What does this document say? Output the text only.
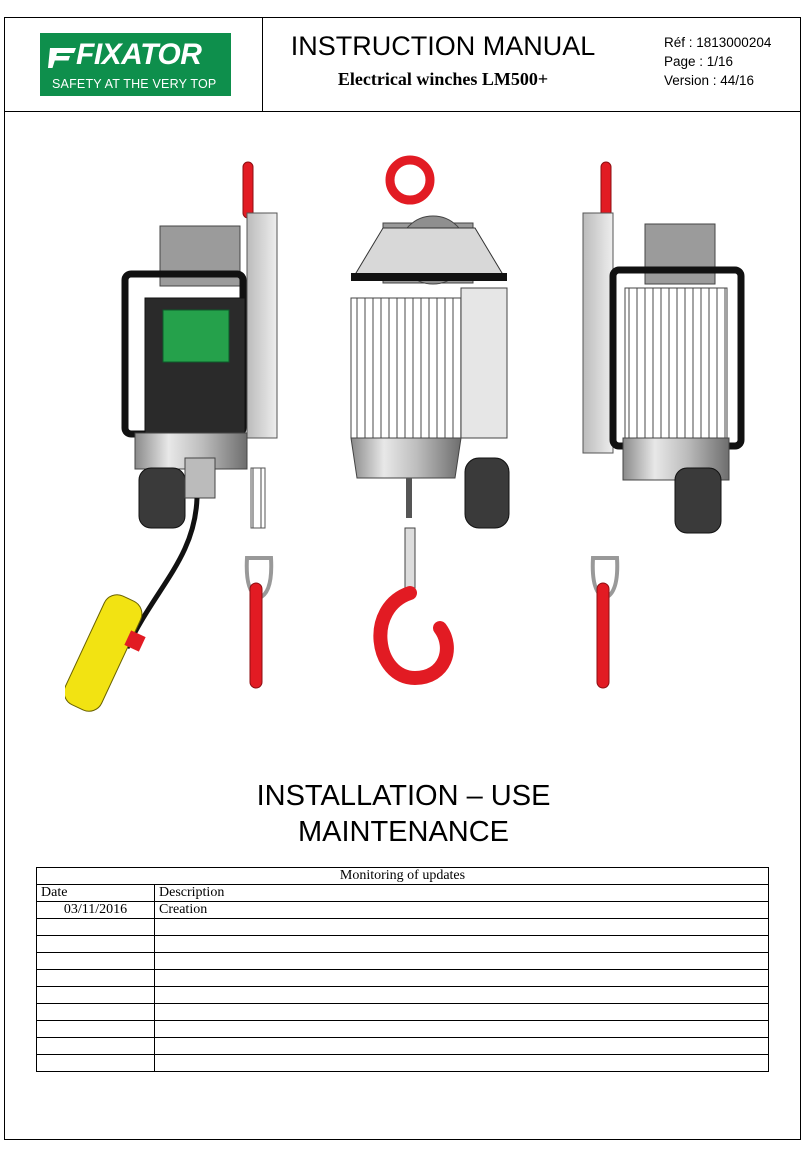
FIXATOR
SAFETY AT THE VERY TOP
INSTRUCTION MANUAL
Electrical winches LM500+
Réf : 1813000204
Page : 1/16
Version : 44/16
INSTALLATION – USE
MAINTENANCE
Monitoring of updates	
Date	Description
03/11/2016	Creation
